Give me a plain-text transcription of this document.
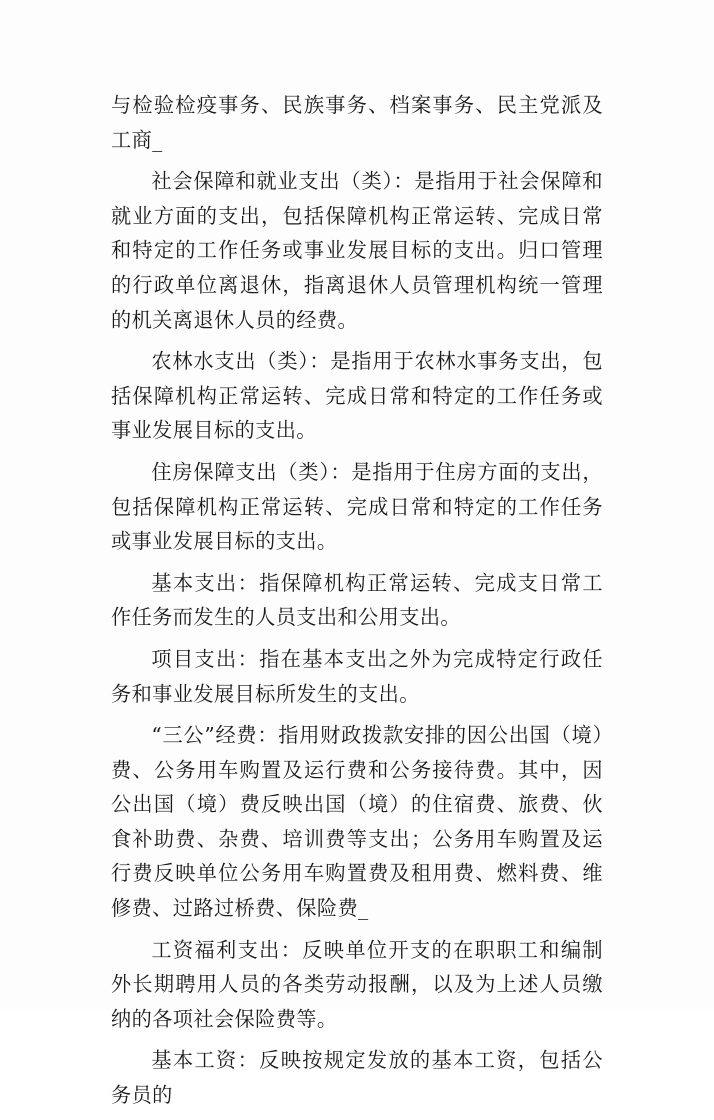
与检验检疫事务、民族事务、档案事务、民主党派及工商_

社会保障和就业支出（类）：是指用于社会保障和就业方面的支出，包括保障机构正常运转、完成日常和特定的工作任务或事业发展目标的支出。归口管理的行政单位离退休，指离退休人员管理机构统一管理的机关离退休人员的经费。

农林水支出（类）：是指用于农林水事务支出，包括保障机构正常运转、完成日常和特定的工作任务或事业发展目标的支出。

住房保障支出（类）：是指用于住房方面的支出，包括保障机构正常运转、完成日常和特定的工作任务或事业发展目标的支出。

基本支出：指保障机构正常运转、完成支日常工作任务而发生的人员支出和公用支出。

项目支出：指在基本支出之外为完成特定行政任务和事业发展目标所发生的支出。

“三公”经费：指用财政拨款安排的因公出国（境）费、公务用车购置及运行费和公务接待费。其中，因公出国（境）费反映出国（境）的住宿费、旅费、伙食补助费、杂费、培训费等支出；公务用车购置及运行费反映单位公务用车购置费及租用费、燃料费、维修费、过路过桥费、保险费_

工资福利支出：反映单位开支的在职职工和编制外长期聘用人员的各类劳动报酬，以及为上述人员缴纳的各项社会保险费等。

基本工资：反映按规定发放的基本工资，包括公务员的
